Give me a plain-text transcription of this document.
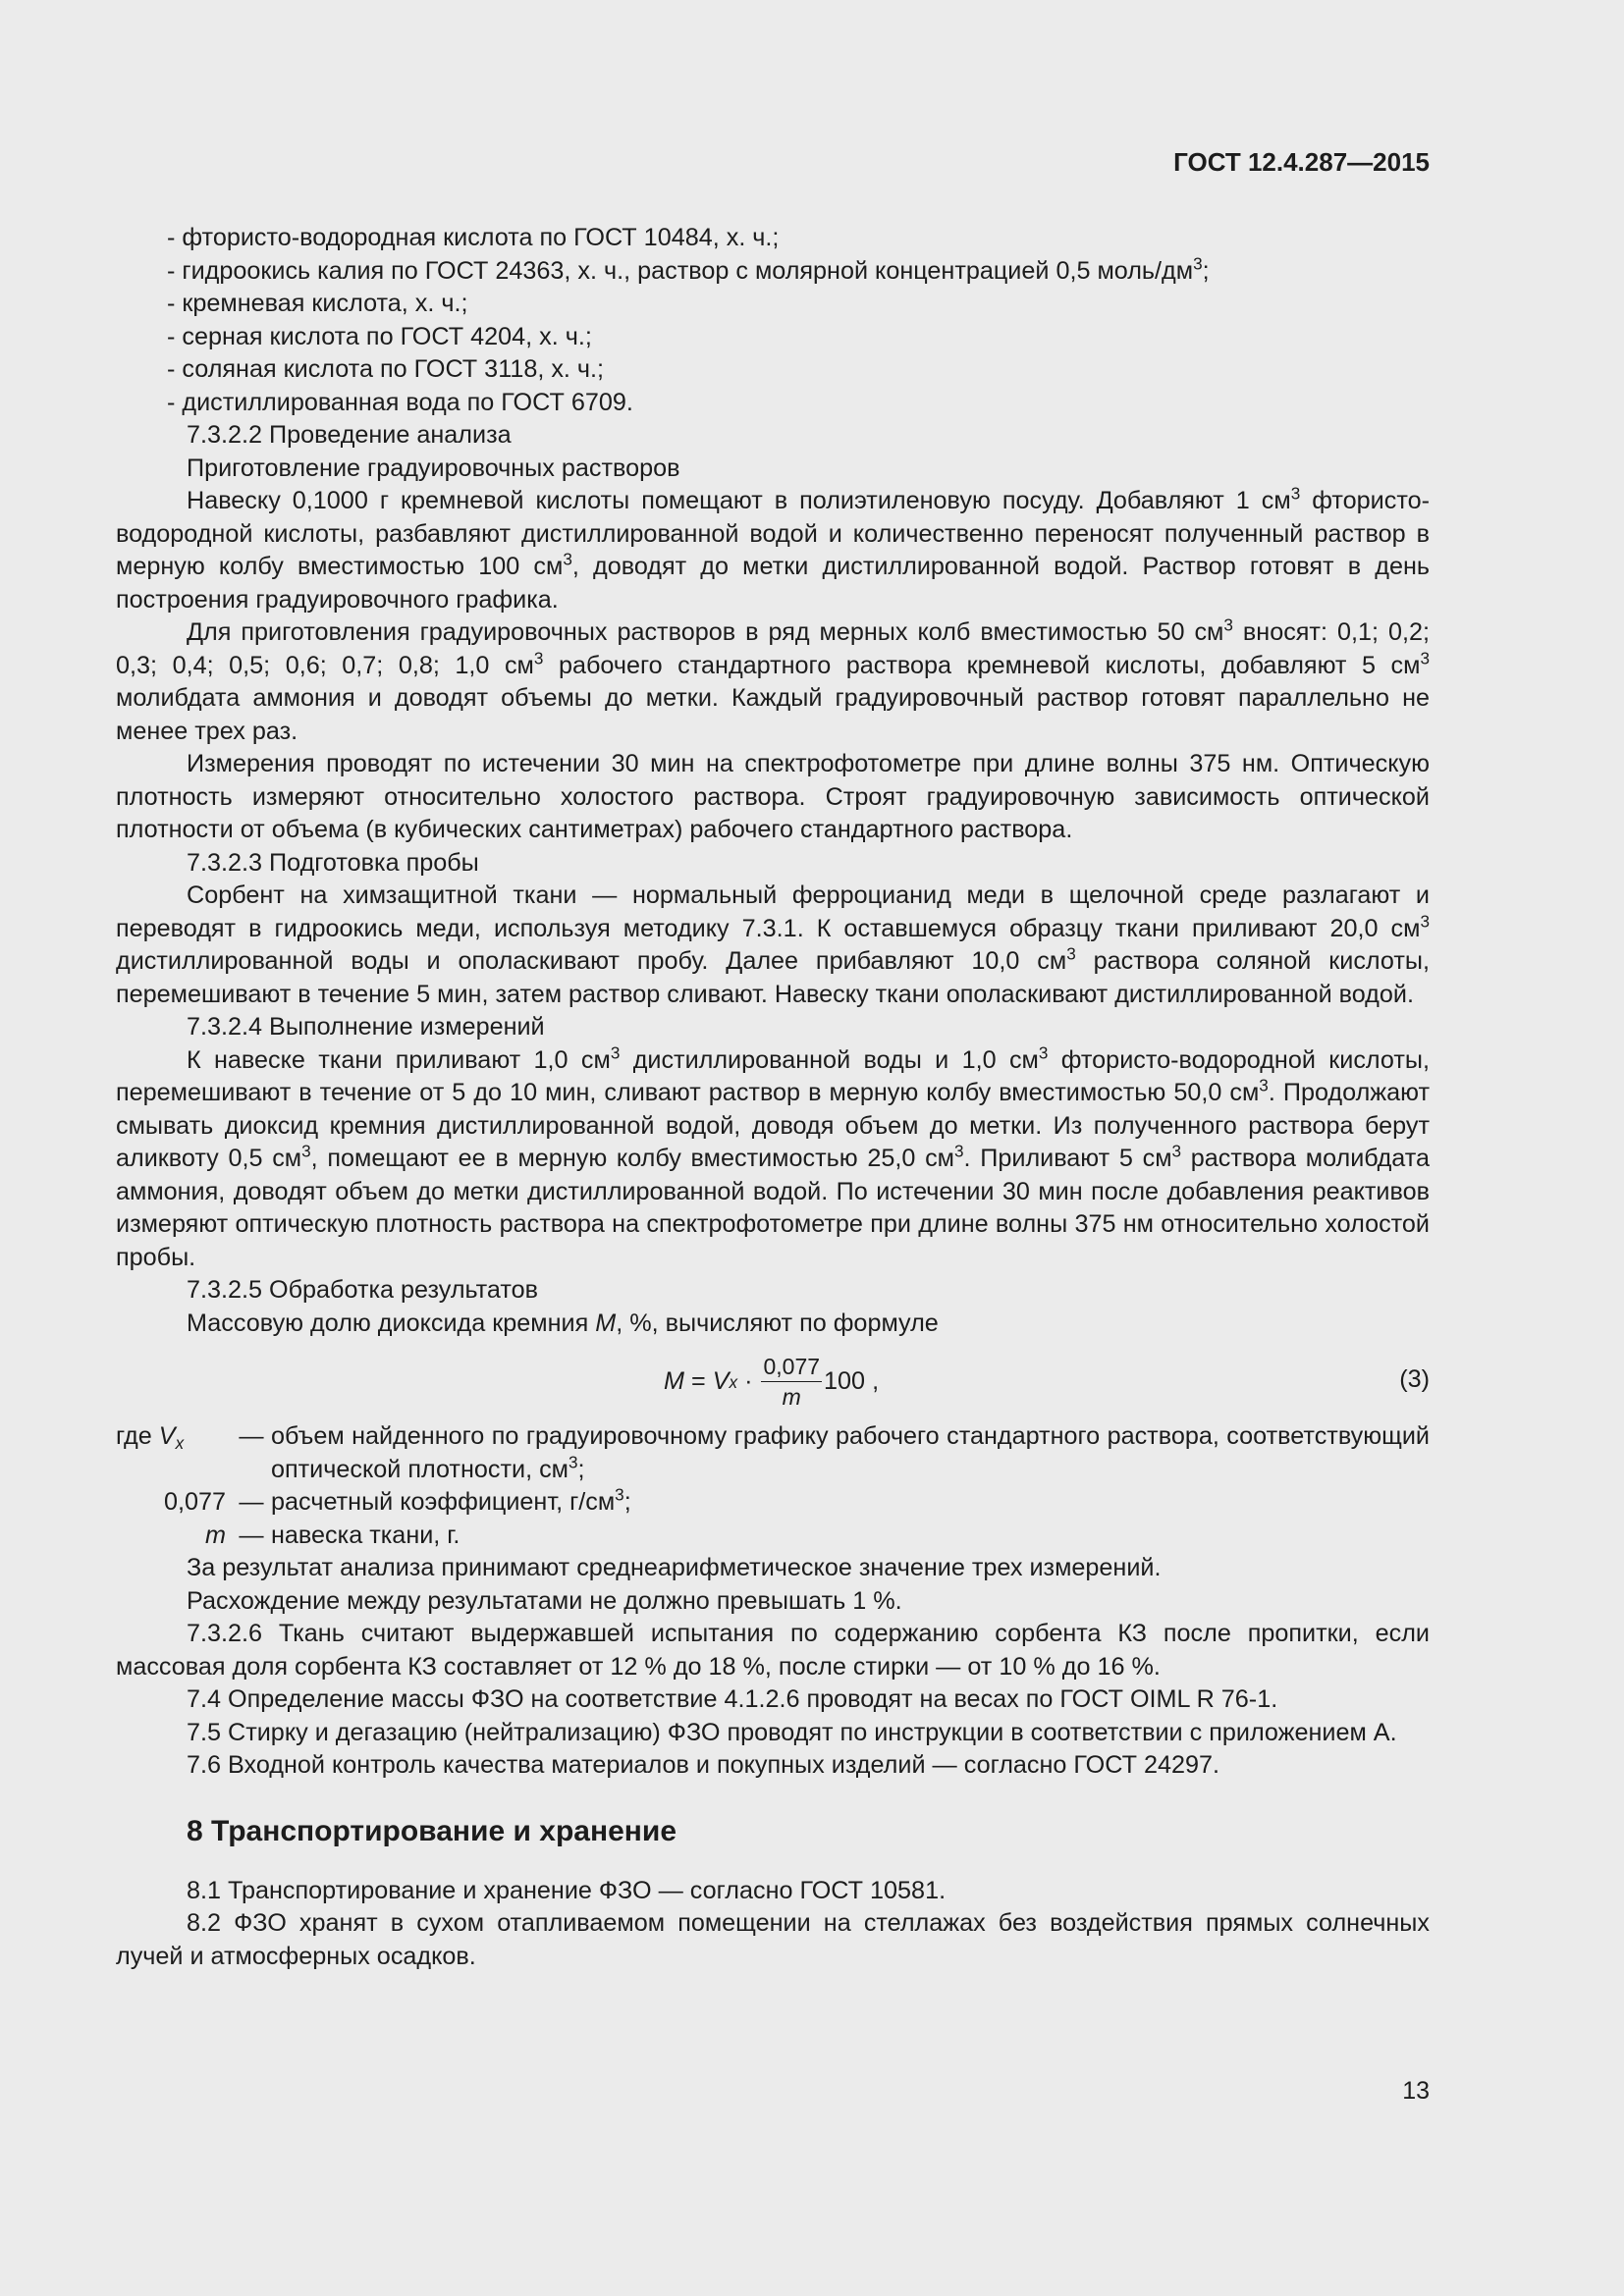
ГОСТ 12.4.287—2015
- фтористо-водородная кислота по ГОСТ 10484, х. ч.;
- гидроокись калия по ГОСТ 24363, х. ч., раствор с молярной концентрацией 0,5 моль/$дм^3$;
- кремневая кислота, х. ч.;
- серная кислота по ГОСТ 4204, х. ч.;
- соляная кислота по ГОСТ 3118, х. ч.;
- дистиллированная вода по ГОСТ 6709.

7.3.2.2 Проведение анализа

Приготовление градуировочных растворов

Навеску 0,1000 г кремневой кислоты помещают в полиэтиленовую посуду. Добавляют 1 $см^3$ фтористо-водородной кислоты, разбавляют дистиллированной водой и количественно переносят полученный раствор в мерную колбу вместимостью 100 $см^3$, доводят до метки дистиллированной водой. Раствор готовят в день построения градуировочного графика.

Для приготовления градуировочных растворов в ряд мерных колб вместимостью 50 $см^3$ вносят: 0,1; 0,2; 0,3; 0,4; 0,5; 0,6; 0,7; 0,8; 1,0 $см^3$ рабочего стандартного раствора кремневой кислоты, добавляют 5 $см^3$ молибдата аммония и доводят объемы до метки. Каждый градуировочный раствор готовят параллельно не менее трех раз.

Измерения проводят по истечении 30 мин на спектрофотометре при длине волны 375 нм. Оптическую плотность измеряют относительно холостого раствора. Строят градуировочную зависимость оптической плотности от объема (в кубических сантиметрах) рабочего стандартного раствора.

7.3.2.3 Подготовка пробы

Сорбент на химзащитной ткани — нормальный ферроцианид меди в щелочной среде разлагают и переводят в гидроокись меди, используя методику 7.3.1. К оставшемуся образцу ткани приливают 20,0 $см^3$ дистиллированной воды и ополаскивают пробу. Далее прибавляют 10,0 $см^3$ раствора соляной кислоты, перемешивают в течение 5 мин, затем раствор сливают. Навеску ткани ополаскивают дистиллированной водой.

7.3.2.4 Выполнение измерений

К навеске ткани приливают 1,0 $см^3$ дистиллированной воды и 1,0 $см^3$ фтористо-водородной кислоты, перемешивают в течение от 5 до 10 мин, сливают раствор в мерную колбу вместимостью 50,0 $см^3$. Продолжают смывать диоксид кремния дистиллированной водой, доводя объем до метки. Из полученного раствора берут аликвоту 0,5 $см^3$, помещают ее в мерную колбу вместимостью 25,0 $см^3$. Приливают 5 $см^3$ раствора молибдата аммония, доводят объем до метки дистиллированной водой. По истечении 30 мин после добавления реактивов измеряют оптическую плотность раствора на спектрофотометре при длине волны 375 нм относительно холостой пробы.

7.3.2.5 Обработка результатов

Массовую долю диоксида кремния M, %, вычисляют по формуле

M = V $x \cdot \frac{0,077}{m} 100$
,	(3)
где $V_x$	— объем найденного по градуировочному графику рабочего стандартного раствора, соответствующий оптической плотности, $см^3$;
0,077 — расчетный коэффициент, $г/см^3$;
m — навеска ткани, г.

За результат анализа принимают среднеарифметическое значение трех измерений.

Расхождение между результатами не должно превышать 1 %.

7.3.2.6 Ткань считают выдержавшей испытания по содержанию сорбента КЗ после пропитки, если массовая доля сорбента КЗ составляет от 12 % до 18 %, после стирки — от 10 % до 16 %.

7.4 Определение массы ФЗО на соответствие 4.1.2.6 проводят на весах по ГОСТ OIML R 76-1.

7.5 Стирку и дегазацию (нейтрализацию) ФЗО проводят по инструкции в соответствии с приложением А.

7.6 Входной контроль качества материалов и покупных изделий — согласно ГОСТ 24297.

8 Транспортирование и хранение

8.1 Транспортирование и хранение ФЗО — согласно ГОСТ 10581.

8.2 ФЗО хранят в сухом отапливаемом помещении на стеллажах без воздействия прямых солнечных лучей и атмосферных осадков.

13
